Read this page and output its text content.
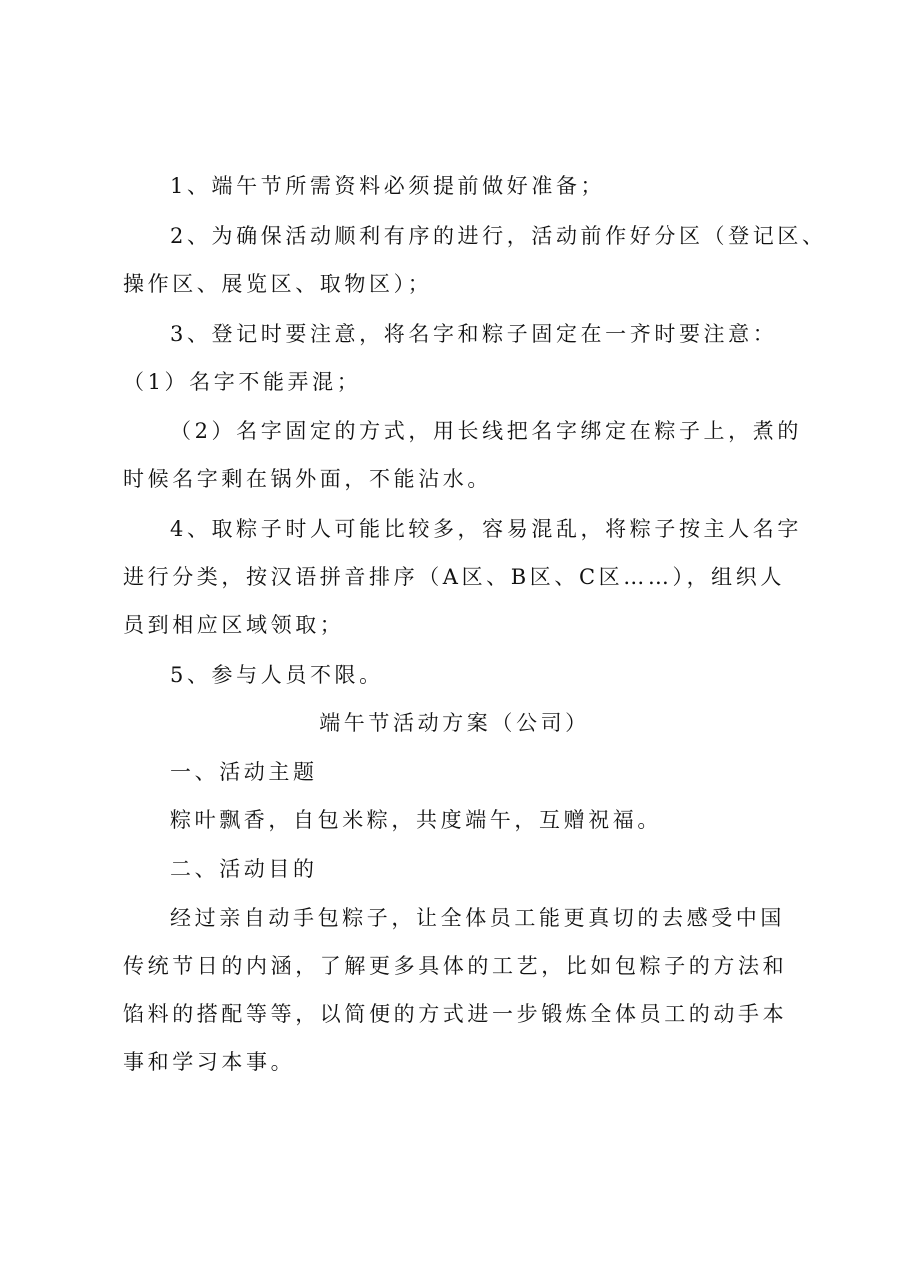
1、端午节所需资料必须提前做好准备；
2、为确保活动顺利有序的进行，活动前作好分区（登记区、
操作区、展览区、取物区）；
3、登记时要注意，将名字和粽子固定在一齐时要注意：
（1）名字不能弄混；
（2）名字固定的方式，用长线把名字绑定在粽子上，煮的
时候名字剩在锅外面，不能沾水。
4、取粽子时人可能比较多，容易混乱，将粽子按主人名字
进行分类，按汉语拼音排序（A区、B区、C区……），组织人
员到相应区域领取；
5、参与人员不限。
端午节活动方案（公司）
一、活动主题
粽叶飘香，自包米粽，共度端午，互赠祝福。
二、活动目的
经过亲自动手包粽子，让全体员工能更真切的去感受中国
传统节日的内涵，了解更多具体的工艺，比如包粽子的方法和
馅料的搭配等等，以简便的方式进一步锻炼全体员工的动手本
事和学习本事。
